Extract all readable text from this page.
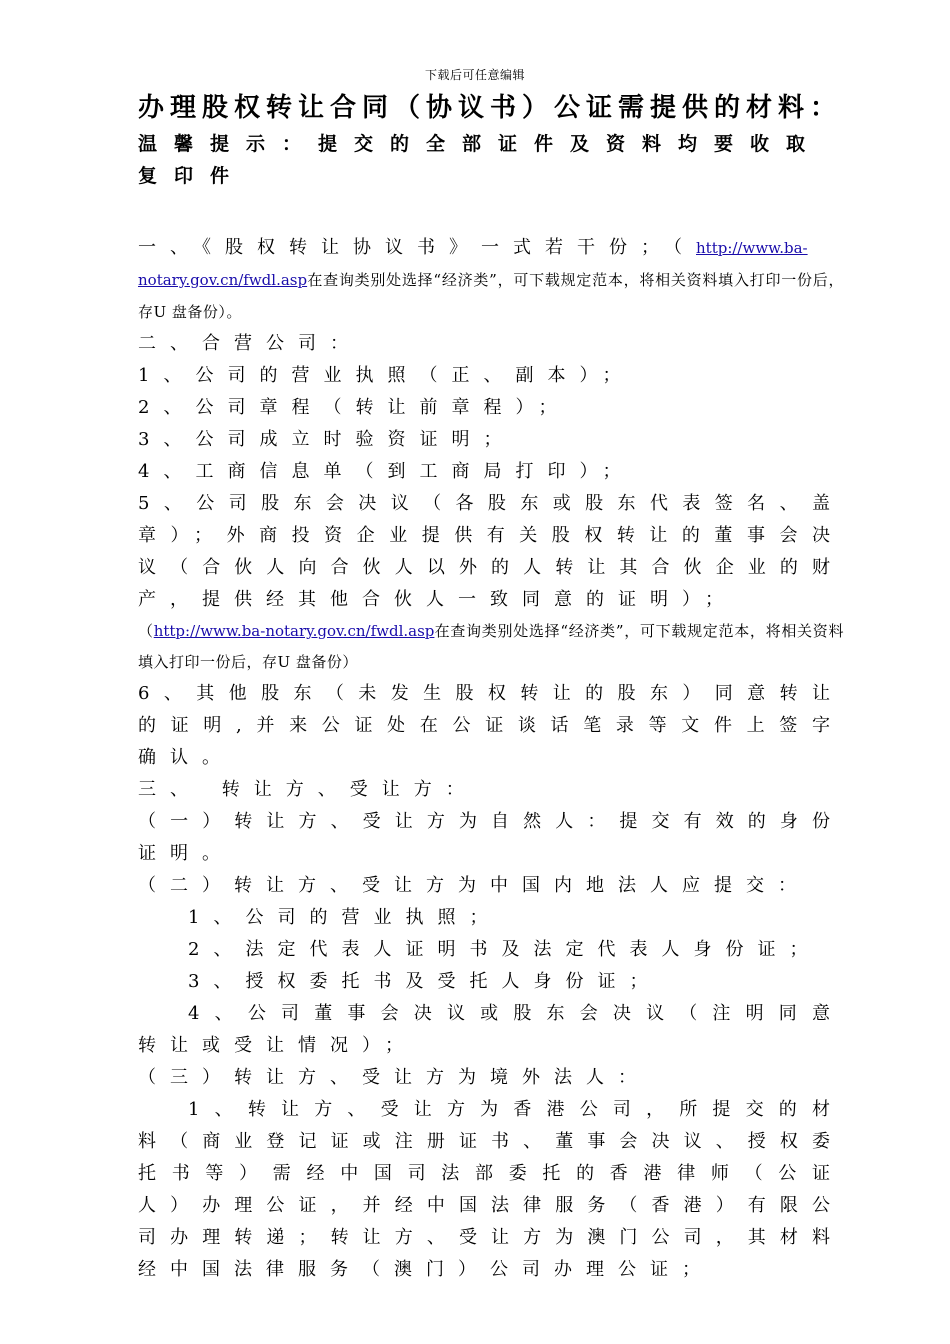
下载后可任意编辑

办理股权转让合同（协议书）公证需提供的材料：

温馨提示：提交的全部证件及资料均要收取复印件

一、《股权转让协议书》一式若干份；（http://www.ba-
notary.gov.cn/fwdl.asp在查询类别处选择“经济类”，可下载规定范本，将相关资料填入打印一份后，存U 盘备份）。

二、合营公司：

1、公司的营业执照（正、副本）；

2、公司章程（转让前章程）；

3、公司成立时验资证明；

4、工商信息单（到工商局打印）；

5、公司股东会决议（各股东或股东代表签名、盖章）；外商投资企业提供有关股权转让的董事会决议（合伙人向合伙人以外的人转让其合伙企业的财产，提供经其他合伙人一致同意的证明）；

（http://www.ba-notary.gov.cn/fwdl.asp在查询类别处选择“经济类”，可下载规定范本，将相关资料填入打印一份后，存U 盘备份）

6、其他股东（未发生股权转让的股东）同意转让的证明,并来公证处在公证谈话笔录等文件上签字确认。

三、 转让方、受让方：

（一）转让方、受让方为自然人：提交有效的身份证明。

（二）转让方、受让方为中国内地法人应提交：

1、公司的营业执照；

2、法定代表人证明书及法定代表人身份证；

3、授权委托书及受托人身份证；

4、公司董事会决议或股东会决议（注明同意转让或受让情况）；

（三）转让方、受让方为境外法人：

1、转让方、受让方为香港公司，所提交的材料（商业登记证或注册证书、董事会决议、授权委托书等）需经中国司法部委托的香港律师（公证人）办理公证，并经中国法律服务（香港）有限公司办理转递；转让方、受让方为澳门公司，其材料经中国法律服务（澳门）公司办理公证；
